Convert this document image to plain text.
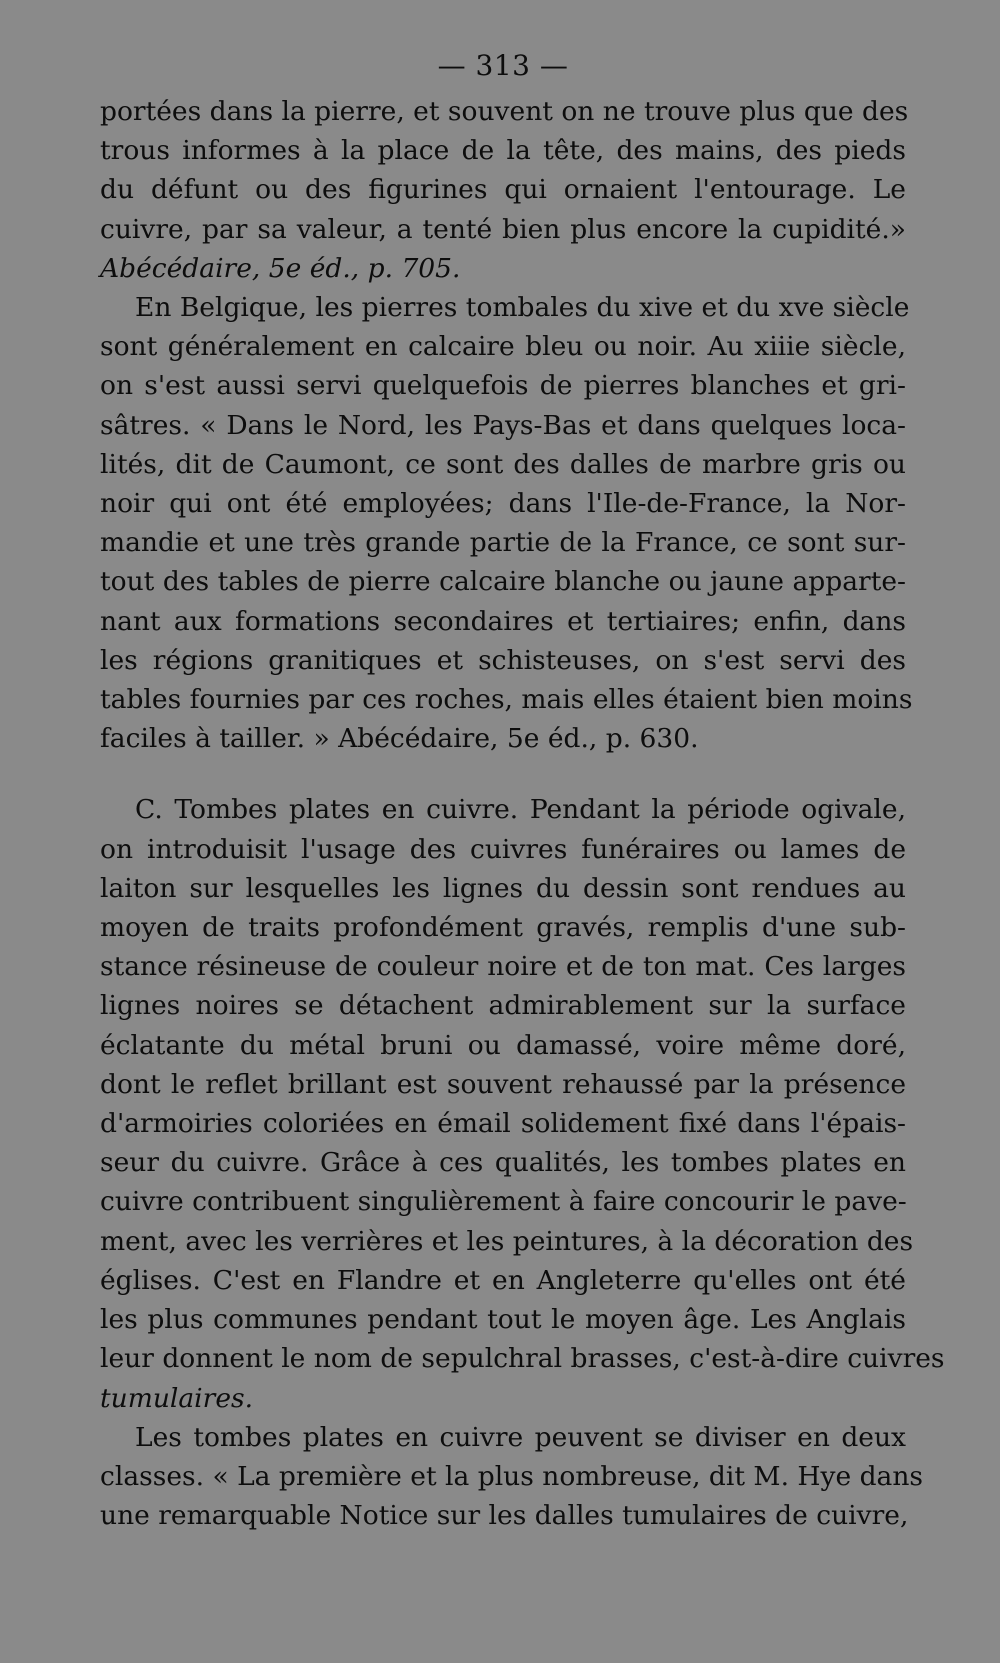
— 313 —
portées dans la pierre, et souvent on ne trouve plus que des
trous informes à la place de la tête, des mains, des pieds
du défunt ou des figurines qui ornaient l'entourage. Le
cuivre, par sa valeur, a tenté bien plus encore la cupidité.»
Abécédaire, 5e éd., p. 705.
En Belgique, les pierres tombales du xive et du xve siècle
sont généralement en calcaire bleu ou noir. Au xiiie siècle,
on s'est aussi servi quelquefois de pierres blanches et gri-
sâtres. « Dans le Nord, les Pays-Bas et dans quelques loca-
lités, dit de Caumont, ce sont des dalles de marbre gris ou
noir qui ont été employées; dans l'Ile-de-France, la Nor-
mandie et une très grande partie de la France, ce sont sur-
tout des tables de pierre calcaire blanche ou jaune apparte-
nant aux formations secondaires et tertiaires; enfin, dans
les régions granitiques et schisteuses, on s'est servi des
tables fournies par ces roches, mais elles étaient bien moins
faciles à tailler. » Abécédaire, 5e éd., p. 630.
C. Tombes plates en cuivre. Pendant la période ogivale,
on introduisit l'usage des cuivres funéraires ou lames de
laiton sur lesquelles les lignes du dessin sont rendues au
moyen de traits profondément gravés, remplis d'une sub-
stance résineuse de couleur noire et de ton mat. Ces larges
lignes noires se détachent admirablement sur la surface
éclatante du métal bruni ou damassé, voire même doré,
dont le reflet brillant est souvent rehaussé par la présence
d'armoiries coloriées en émail solidement fixé dans l'épais-
seur du cuivre. Grâce à ces qualités, les tombes plates en
cuivre contribuent singulièrement à faire concourir le pave-
ment, avec les verrières et les peintures, à la décoration des
églises. C'est en Flandre et en Angleterre qu'elles ont été
les plus communes pendant tout le moyen âge. Les Anglais
leur donnent le nom de sepulchral brasses, c'est-à-dire cuivres
tumulaires.
Les tombes plates en cuivre peuvent se diviser en deux
classes. « La première et la plus nombreuse, dit M. Hye dans
une remarquable Notice sur les dalles tumulaires de cuivre,
